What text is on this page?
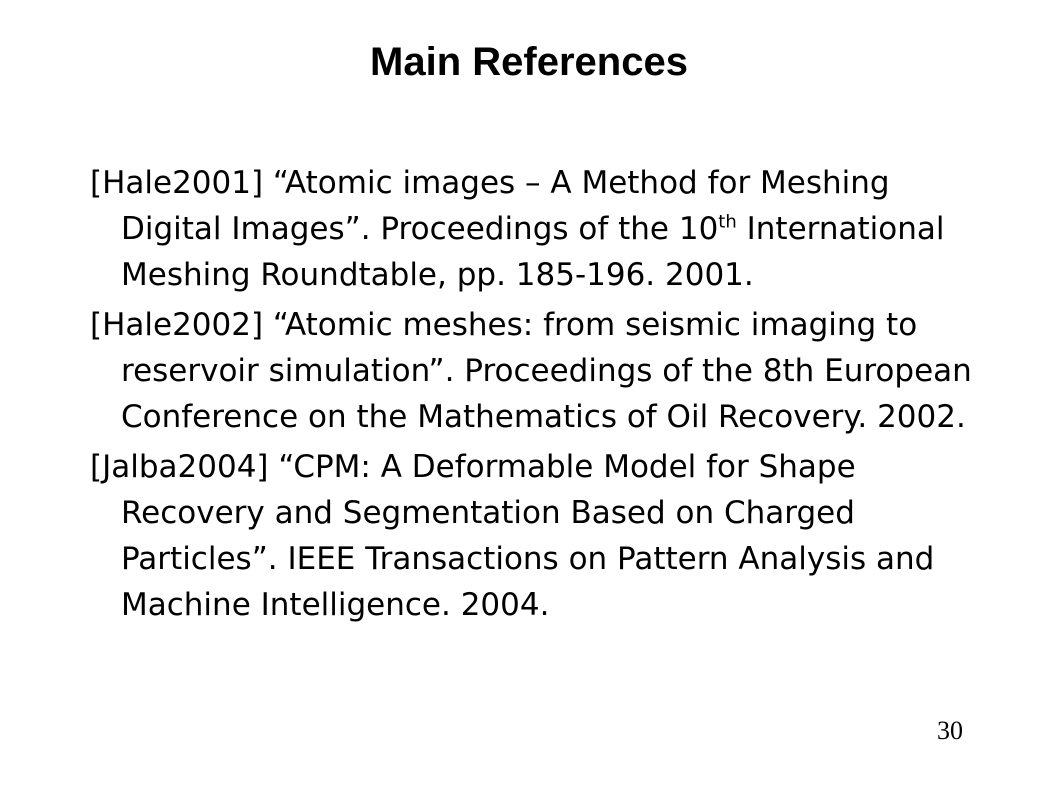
Main References
[Hale2001] “Atomic images – A Method for Meshing Digital Images”. Proceedings of the 10th International Meshing Roundtable, pp. 185-196. 2001.
[Hale2002] “Atomic meshes: from seismic imaging to reservoir simulation”. Proceedings of the 8th European Conference on the Mathematics of Oil Recovery. 2002.
[Jalba2004] “CPM: A Deformable Model for Shape Recovery and Segmentation Based on Charged Particles”. IEEE Transactions on Pattern Analysis and Machine Intelligence. 2004.
30
